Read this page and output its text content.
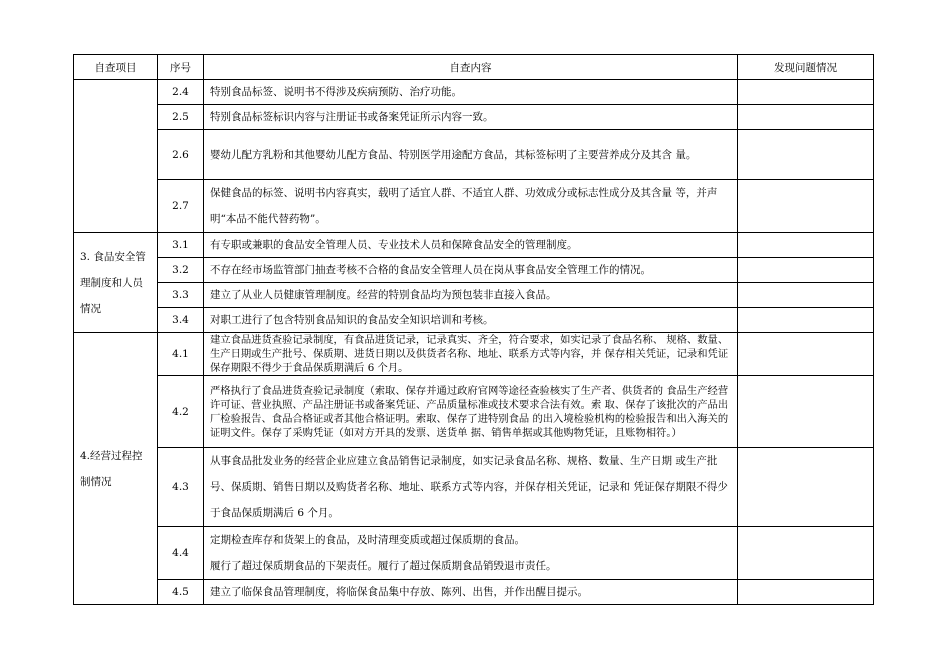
自查项目	序号	自查内容	发现问题情况
	2.4	特别食品标签、说明书不得涉及疾病预防、治疗功能。	

	2.5	特别食品标签标识内容与注册证书或备案凭证所示内容一致。	

	2.6	婴幼儿配方乳粉和其他婴幼儿配方食品、特别医学用途配方食品，其标签标明了主要营养成分及其含 量。	

	2.7	保健食品的标签、说明书内容真实，载明了适宜人群、不适宜人群、功效成分或标志性成分及其含量 等，并声明“本品不能代替药物”。	

3. 食品安全管理制度和人员情况	3.1	有专职或兼职的食品安全管理人员、专业技术人员和保障食品安全的管理制度。	

	3.2	不存在经市场监管部门抽查考核不合格的食品安全管理人员在岗从事食品安全管理工作的情况。	

	3.3	建立了从业人员健康管理制度。经营的特别食品均为预包装非直接入食品。	

	3.4	对职工进行了包含特别食品知识的食品安全知识培训和考核。	

4.经营过程控制情况	4.1	建立食品进货查验记录制度，有食品进货记录，记录真实、齐全，符合要求，如实记录了食品名称、 规格、数量、生产日期或生产批号、保质期、进货日期以及供货者名称、地址、联系方式等内容，并 保存相关凭证，记录和凭证保存期限不得少于食品保质期满后 6 个月。	

	4.2	严格执行了食品进货查验记录制度（索取、保存并通过政府官网等途径查验核实了生产者、供货者的 食品生产经营许可证、营业执照、产品注册证书或备案凭证、产品质量标准或技术要求合法有效。索 取、保存了该批次的产品出厂检验报告、食品合格证或者其他合格证明。索取、保存了进特别食品 的出入境检验机构的检验报告和出入海关的证明文件。保存了采购凭证（如对方开具的发票、送货单 据、销售单据或其他购物凭证，且账物相符。）	

	4.3	从事食品批发业务的经营企业应建立食品销售记录制度，如实记录食品名称、规格、数量、生产日期 或生产批号、保质期、销售日期以及购货者名称、地址、联系方式等内容，并保存相关凭证，记录和 凭证保存期限不得少于食品保质期满后 6 个月。	

	4.4	定期检查库存和货架上的食品，及时清理变质或超过保质期的食品。
履行了超过保质期食品的下架责任。履行了超过保质期食品销毁退市责任。	

	4.5	建立了临保食品管理制度，将临保食品集中存放、陈列、出售，并作出醒目提示。	
